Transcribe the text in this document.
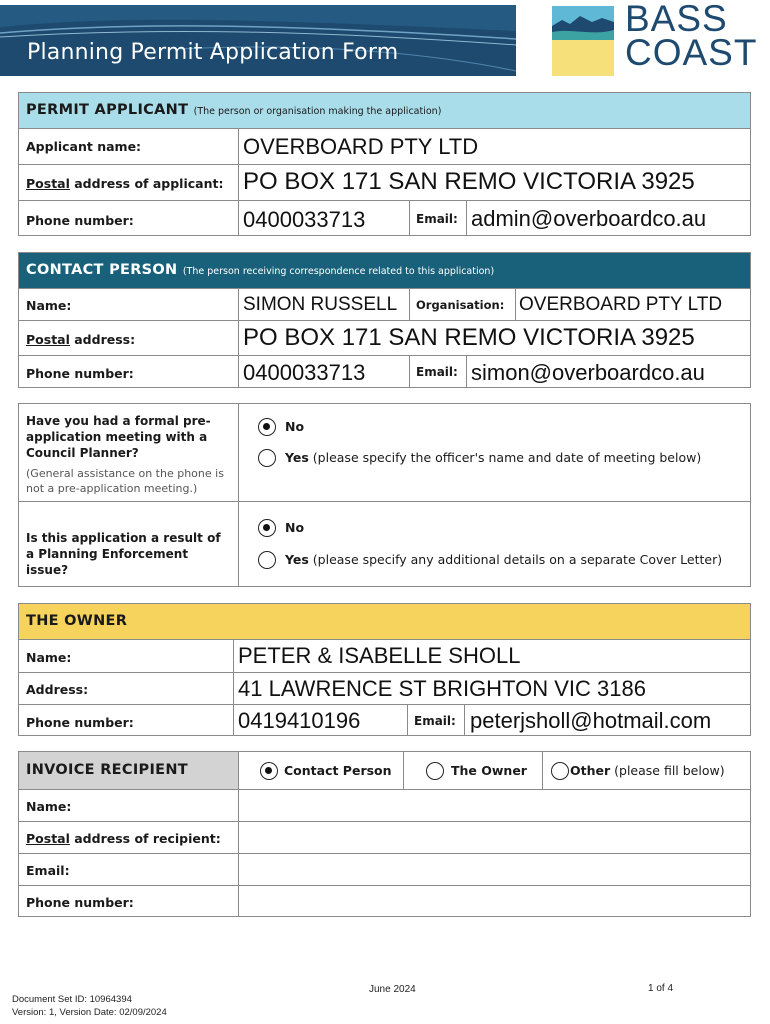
Planning Permit Application Form
BASS
COAST
PERMIT APPLICANT (The person or organisation making the application)
Applicant name:	OVERBOARD PTY LTD
Postal address of applicant: PO BOX 171 SAN REMO VICTORIA 3925
Phone number:	0400033713	Email: admin@overboardco.au
CONTACT PERSON (The person receiving correspondence related to this application)
Name:	SIMON RUSSELL Organisation: OVERBOARD PTY LTD
Postal address:	PO BOX 171 SAN REMO VICTORIA 3925
Phone number:	0400033713	Email: simon@overboardco.au
Have you had a formal pre-application meeting with a Council Planner?
(General assistance on the phone is not a pre-application meeting.)
No
Yes (please specify the officer's name and date of meeting below)
Is this application a result of a Planning Enforcement issue?
No
Yes (please specify any additional details on a separate Cover Letter)
THE OWNER
Name:	PETER & ISABELLE SHOLL
Address:	41 LAWRENCE ST BRIGHTON VIC 3186
Phone number:	0419410196	Email: peterjsholl@hotmail.com
INVOICE RECIPIENT	Contact Person	The Owner	Other (please fill below)
Name:
Postal address of recipient:
Email:
Phone number:
June 2024	1 of 4
Document Set ID: 10964394
Version: 1, Version Date: 02/09/2024
